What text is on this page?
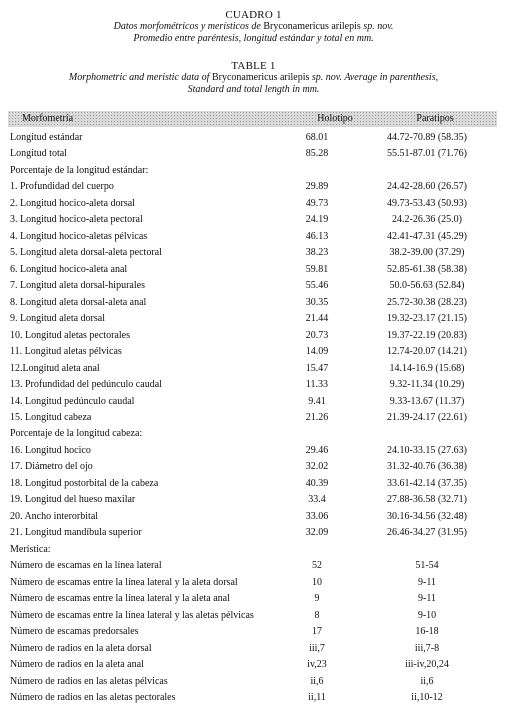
CUADRO 1
Datos morfométricos y merísticos de Bryconamericus arilepis sp. nov.
Promedio entre paréntesis, longitud estándar y total en mm.
TABLE 1
Morphometric and meristic data of Bryconamericus arilepis sp. nov. Average in parenthesis,
Standard and total length in mm.
Morfometría	Holotipo	Paratipos
Longitud estándar	68.01	44.72-70.89 (58.35)
Longitud total	85.28	55.51-87.01 (71.76)
Porcentaje de la longitud estándar:
1. Profundidad del cuerpo	29.89	24.42-28.60 (26.57)
2. Longitud hocico-aleta dorsal	49.73	49.73-53.43 (50.93)
3. Longitud hocico-aleta pectoral	24.19	24.2-26.36 (25.0)
4. Longitud hocico-aletas pélvicas	46.13	42.41-47.31 (45.29)
5. Longitud aleta dorsal-aleta pectoral	38.23	38.2-39.00 (37.29)
6. Longitud hocico-aleta anal	59.81	52.85-61.38 (58.38)
7. Longitud aleta dorsal-hipurales	55.46	50.0-56.63 (52.84)
8. Longitud aleta dorsal-aleta anal	30.35	25.72-30.38 (28.23)
9. Longitud aleta dorsal	21.44	19.32-23.17 (21.15)
10. Longitud aletas pectorales	20.73	19.37-22.19 (20.83)
11. Longitud aletas pélvicas	14.09	12.74-20.07 (14.21)
12.Longitud aleta anal	15.47	14.14-16.9 (15.68)
13. Profundidad del pedúnculo caudal	11.33	9.32-11.34 (10.29)
14. Longitud pedúnculo caudal	9.41	9.33-13.67 (11.37)
15. Longitud cabeza	21.26	21.39-24.17 (22.61)
Porcentaje de la longitud cabeza:
16. Longitud hocico	29.46	24.10-33.15 (27.63)
17. Diámetro del ojo	32.02	31.32-40.76 (36.38)
18. Longitud postorbital de la cabeza	40.39	33.61-42.14 (37.35)
19. Longitud del hueso maxilar	33.4	27.88-36.58 (32.71)
20. Ancho interorbital	33.06	30.16-34.56 (32.48)
21. Longitud mandíbula superior	32.09	26.46-34.27 (31.95)
Merística:
Número de escamas en la línea lateral	52	51-54
Número de escamas entre la línea lateral y la aleta dorsal	10	9-11
Número de escamas entre la línea lateral y la aleta anal	9	9-11
Número de escamas entre la línea lateral y las aletas pélvicas	8	9-10
Número de escamas predorsales	17	16-18
Número de radios en la aleta dorsal	iii,7	iii,7-8
Número de radios en la aleta anal	iv,23	iii-iv,20,24
Número de radios en las aletas pélvicas	ii,6	ii,6
Número de radios en las aletas pectorales	ii,11	ii,10-12
